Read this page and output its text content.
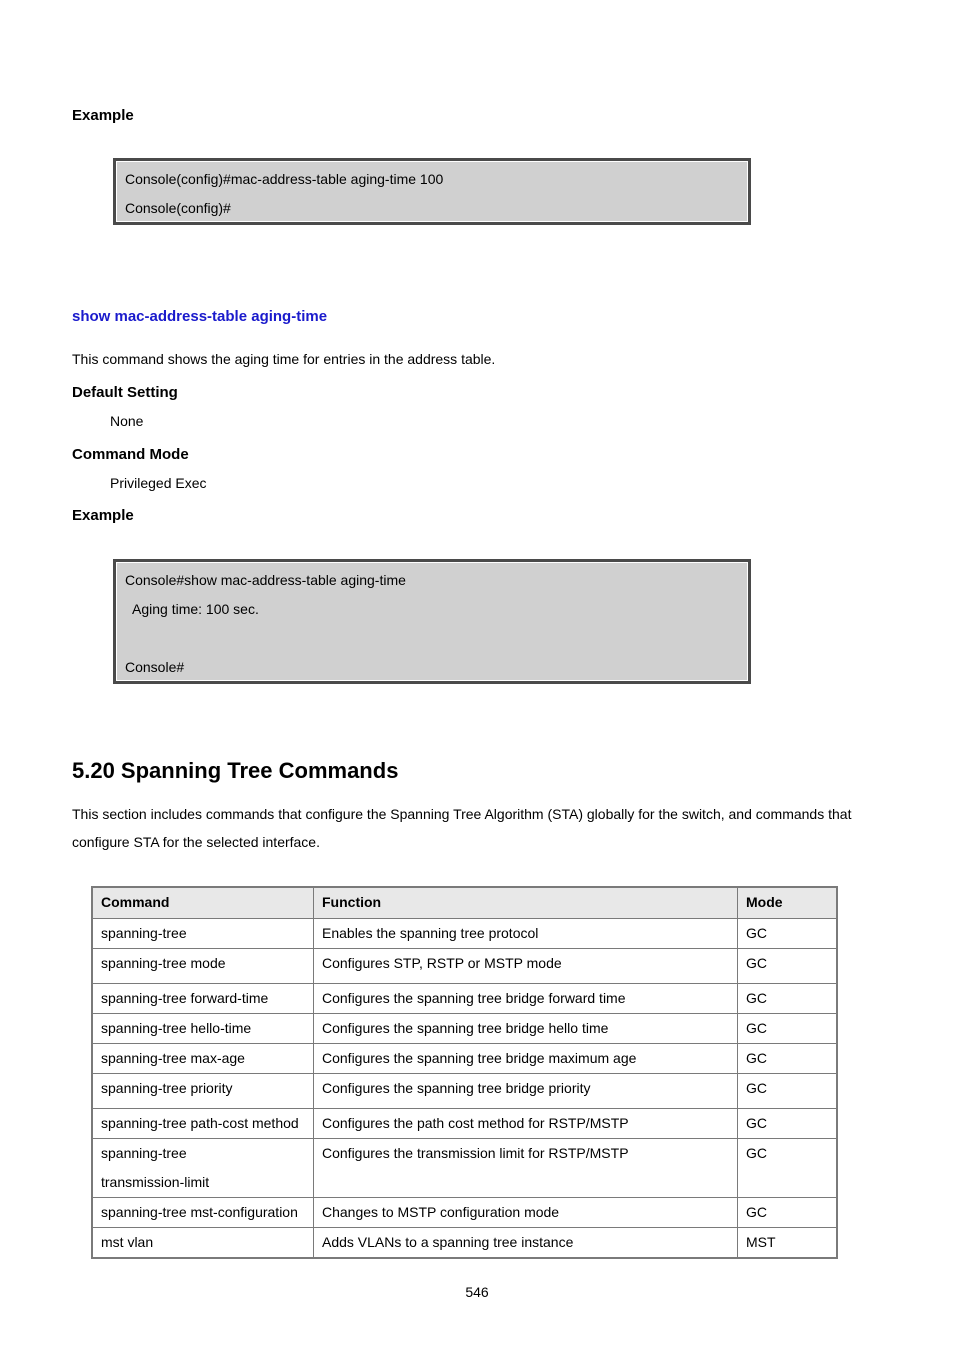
Example
Console(config)#mac-address-table aging-time 100
Console(config)#
show mac-address-table aging-time
This command shows the aging time for entries in the address table.
Default Setting
None
Command Mode
Privileged Exec
Example
Console#show mac-address-table aging-time
Aging time: 100 sec.
Console#
5.20 Spanning Tree Commands
This section includes commands that configure the Spanning Tree Algorithm (STA) globally for the switch, and commands that
configure STA for the selected interface.
Command	Function	Mode
spanning-tree	Enables the spanning tree protocol	GC
spanning-tree mode	Configures STP, RSTP or MSTP mode	GC
spanning-tree forward-time	Configures the spanning tree bridge forward time	GC
spanning-tree hello-time	Configures the spanning tree bridge hello time	GC
spanning-tree max-age	Configures the spanning tree bridge maximum age	GC
spanning-tree priority	Configures the spanning tree bridge priority	GC
spanning-tree path-cost method	Configures the path cost method for RSTP/MSTP	GC

spanning-tree
transmission-limit	Configures the transmission limit for RSTP/MSTP	GC
spanning-tree mst-configuration	Changes to MSTP configuration mode	GC
mst vlan	Adds VLANs to a spanning tree instance	MST
546
